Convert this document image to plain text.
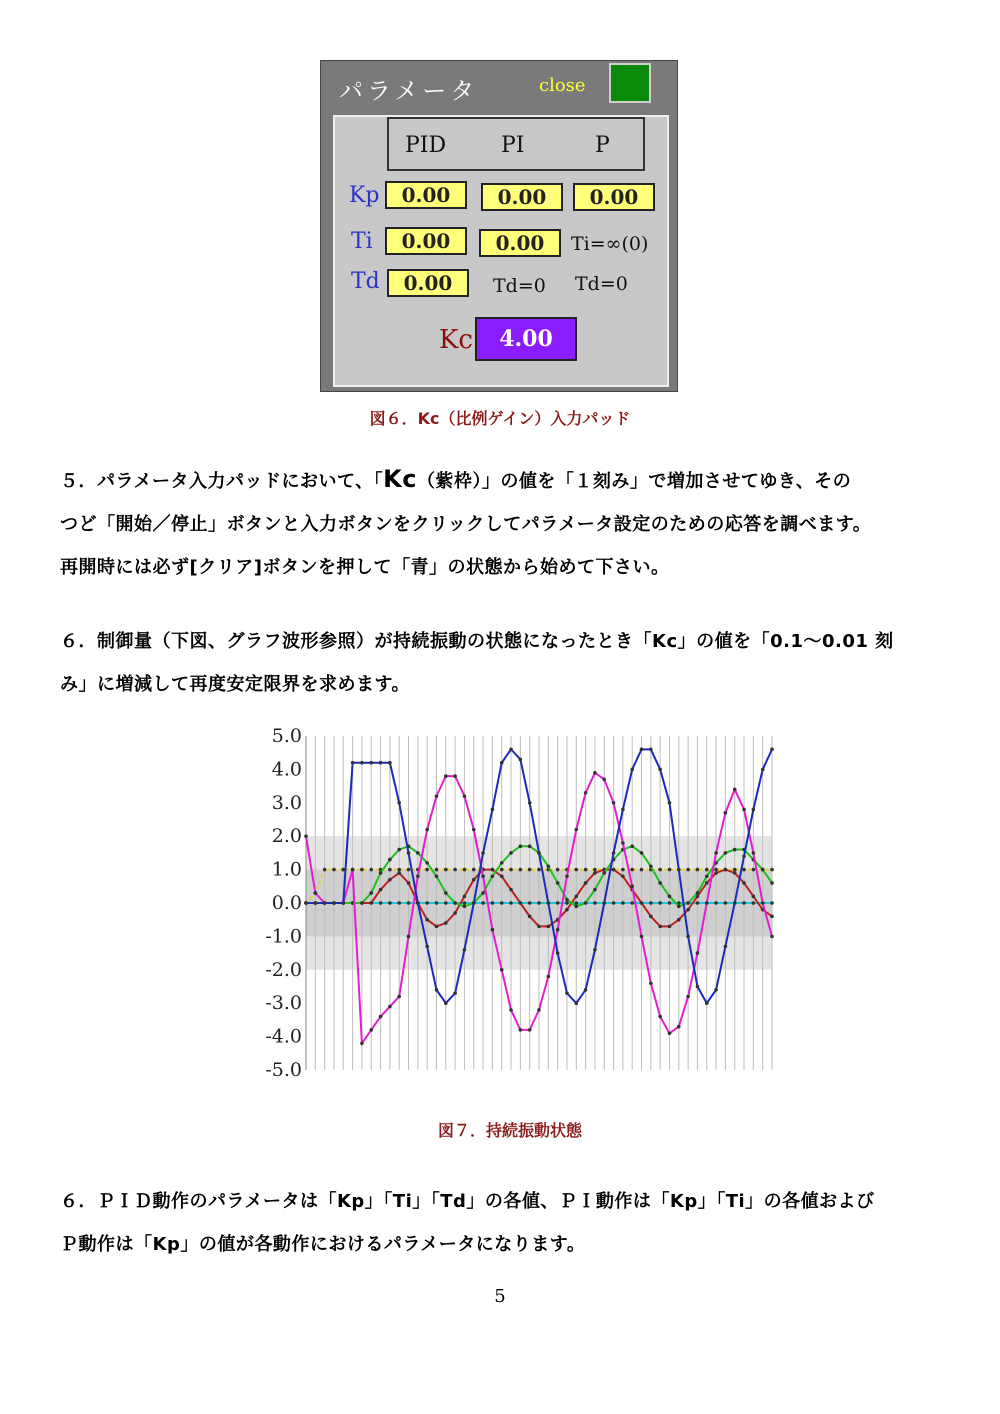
パラメータ	close
PID PI	P
Kp	0.00	0.00	0.00
Ti	0.00	0.00	Ti=∞(0)
Td	0.00	Td=0 Td=0
Kc	4.00
図６．Kc（比例ゲイン）入力パッド

５．パラメータ入力パッドにおいて、「Kc（紫枠）」の値を「１刻み」で増加させてゆき、その

つど「開始／停止」ボタンと入力ボタンをクリックしてパラメータ設定のための応答を調べます。

再開時には必ず[クリア]ボタンを押して「青」の状態から始めて下さい。

６．制御量（下図、グラフ波形参照）が持続振動の状態になったとき「Kc」の値を「0.1～0.01 刻

み」に増減して再度安定限界を求めます。

5.0
4.0
3.0
2.0
1.0
0.0
-1.0
-2.0
-3.0
-4.0
-5.0
図７．持続振動状態

６．ＰＩＤ動作のパラメータは「Kp」「Ti」「Td」の各値、ＰＩ動作は「Kp」「Ti」の各値および

Ｐ動作は「Kp」の値が各動作におけるパラメータになります。

5
